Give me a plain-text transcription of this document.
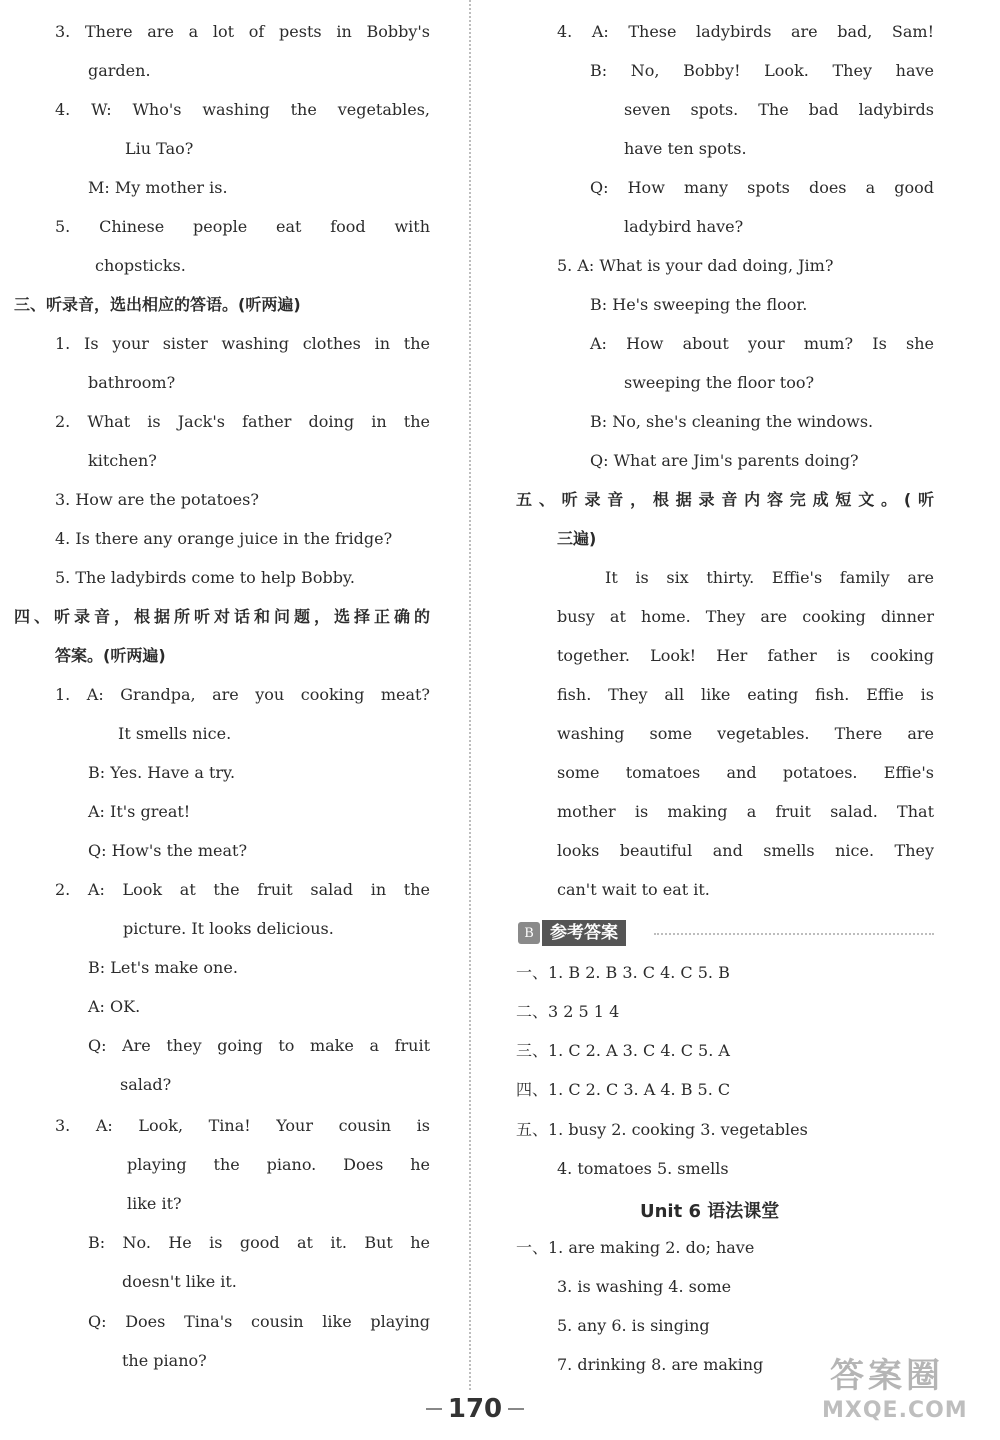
3. There are a lot of pests in Bobby's
garden.
4. W: Who's washing the vegetables,
Liu Tao?
M: My mother is.
5. Chinese people eat food with
chopsticks.
三、听录音，选出相应的答语。(听两遍)
1. Is your sister washing clothes in the
bathroom?
2. What is Jack's father doing in the
kitchen?
3. How are the potatoes?
4. Is there any orange juice in the fridge?
5. The ladybirds come to help Bobby.
四、听录音，根据所听对话和问题，选择正确的
答案。(听两遍)
1. A: Grandpa, are you cooking meat?
It smells nice.
B: Yes. Have a try.
A: It's great!
Q: How's the meat?
2. A: Look at the fruit salad in the
picture. It looks delicious.
B: Let's make one.
A: OK.
Q: Are they going to make a fruit
salad?
3. A: Look, Tina! Your cousin is
playing the piano. Does he
like it?
B: No. He is good at it. But he
doesn't like it.
Q: Does Tina's cousin like playing
the piano?
4. A: These ladybirds are bad, Sam!
B: No, Bobby! Look. They have
seven spots. The bad ladybirds
have ten spots.
Q: How many spots does a good
ladybird have?
5. A: What is your dad doing, Jim?
B: He's sweeping the floor.
A: How about your mum? Is she
sweeping the floor too?
B: No, she's cleaning the windows.
Q: What are Jim's parents doing?
五、听录音，根据录音内容完成短文。(听
三遍)
It is six thirty. Effie's family are
busy at home. They are cooking dinner
together. Look! Her father is cooking
fish. They all like eating fish. Effie is
washing some vegetables. There are
some tomatoes and potatoes. Effie's
mother is making a fruit salad. That
looks beautiful and smells nice. They
can't wait to eat it.
一、1. B 2. B 3. C 4. C 5. B
二、3 2 5 1 4
三、1. C 2. A 3. C 4. C 5. A
四、1. C 2. C 3. A 4. B 5. C
五、1. busy 2. cooking 3. vegetables
4. tomatoes 5. smells
一、1. are making 2. do; have
3. is washing 4. some
5. any 6. is singing
7. drinking 8. are making
B 参考答案
Unit 6 语法课堂
170
答案圈
MXQE.COM
